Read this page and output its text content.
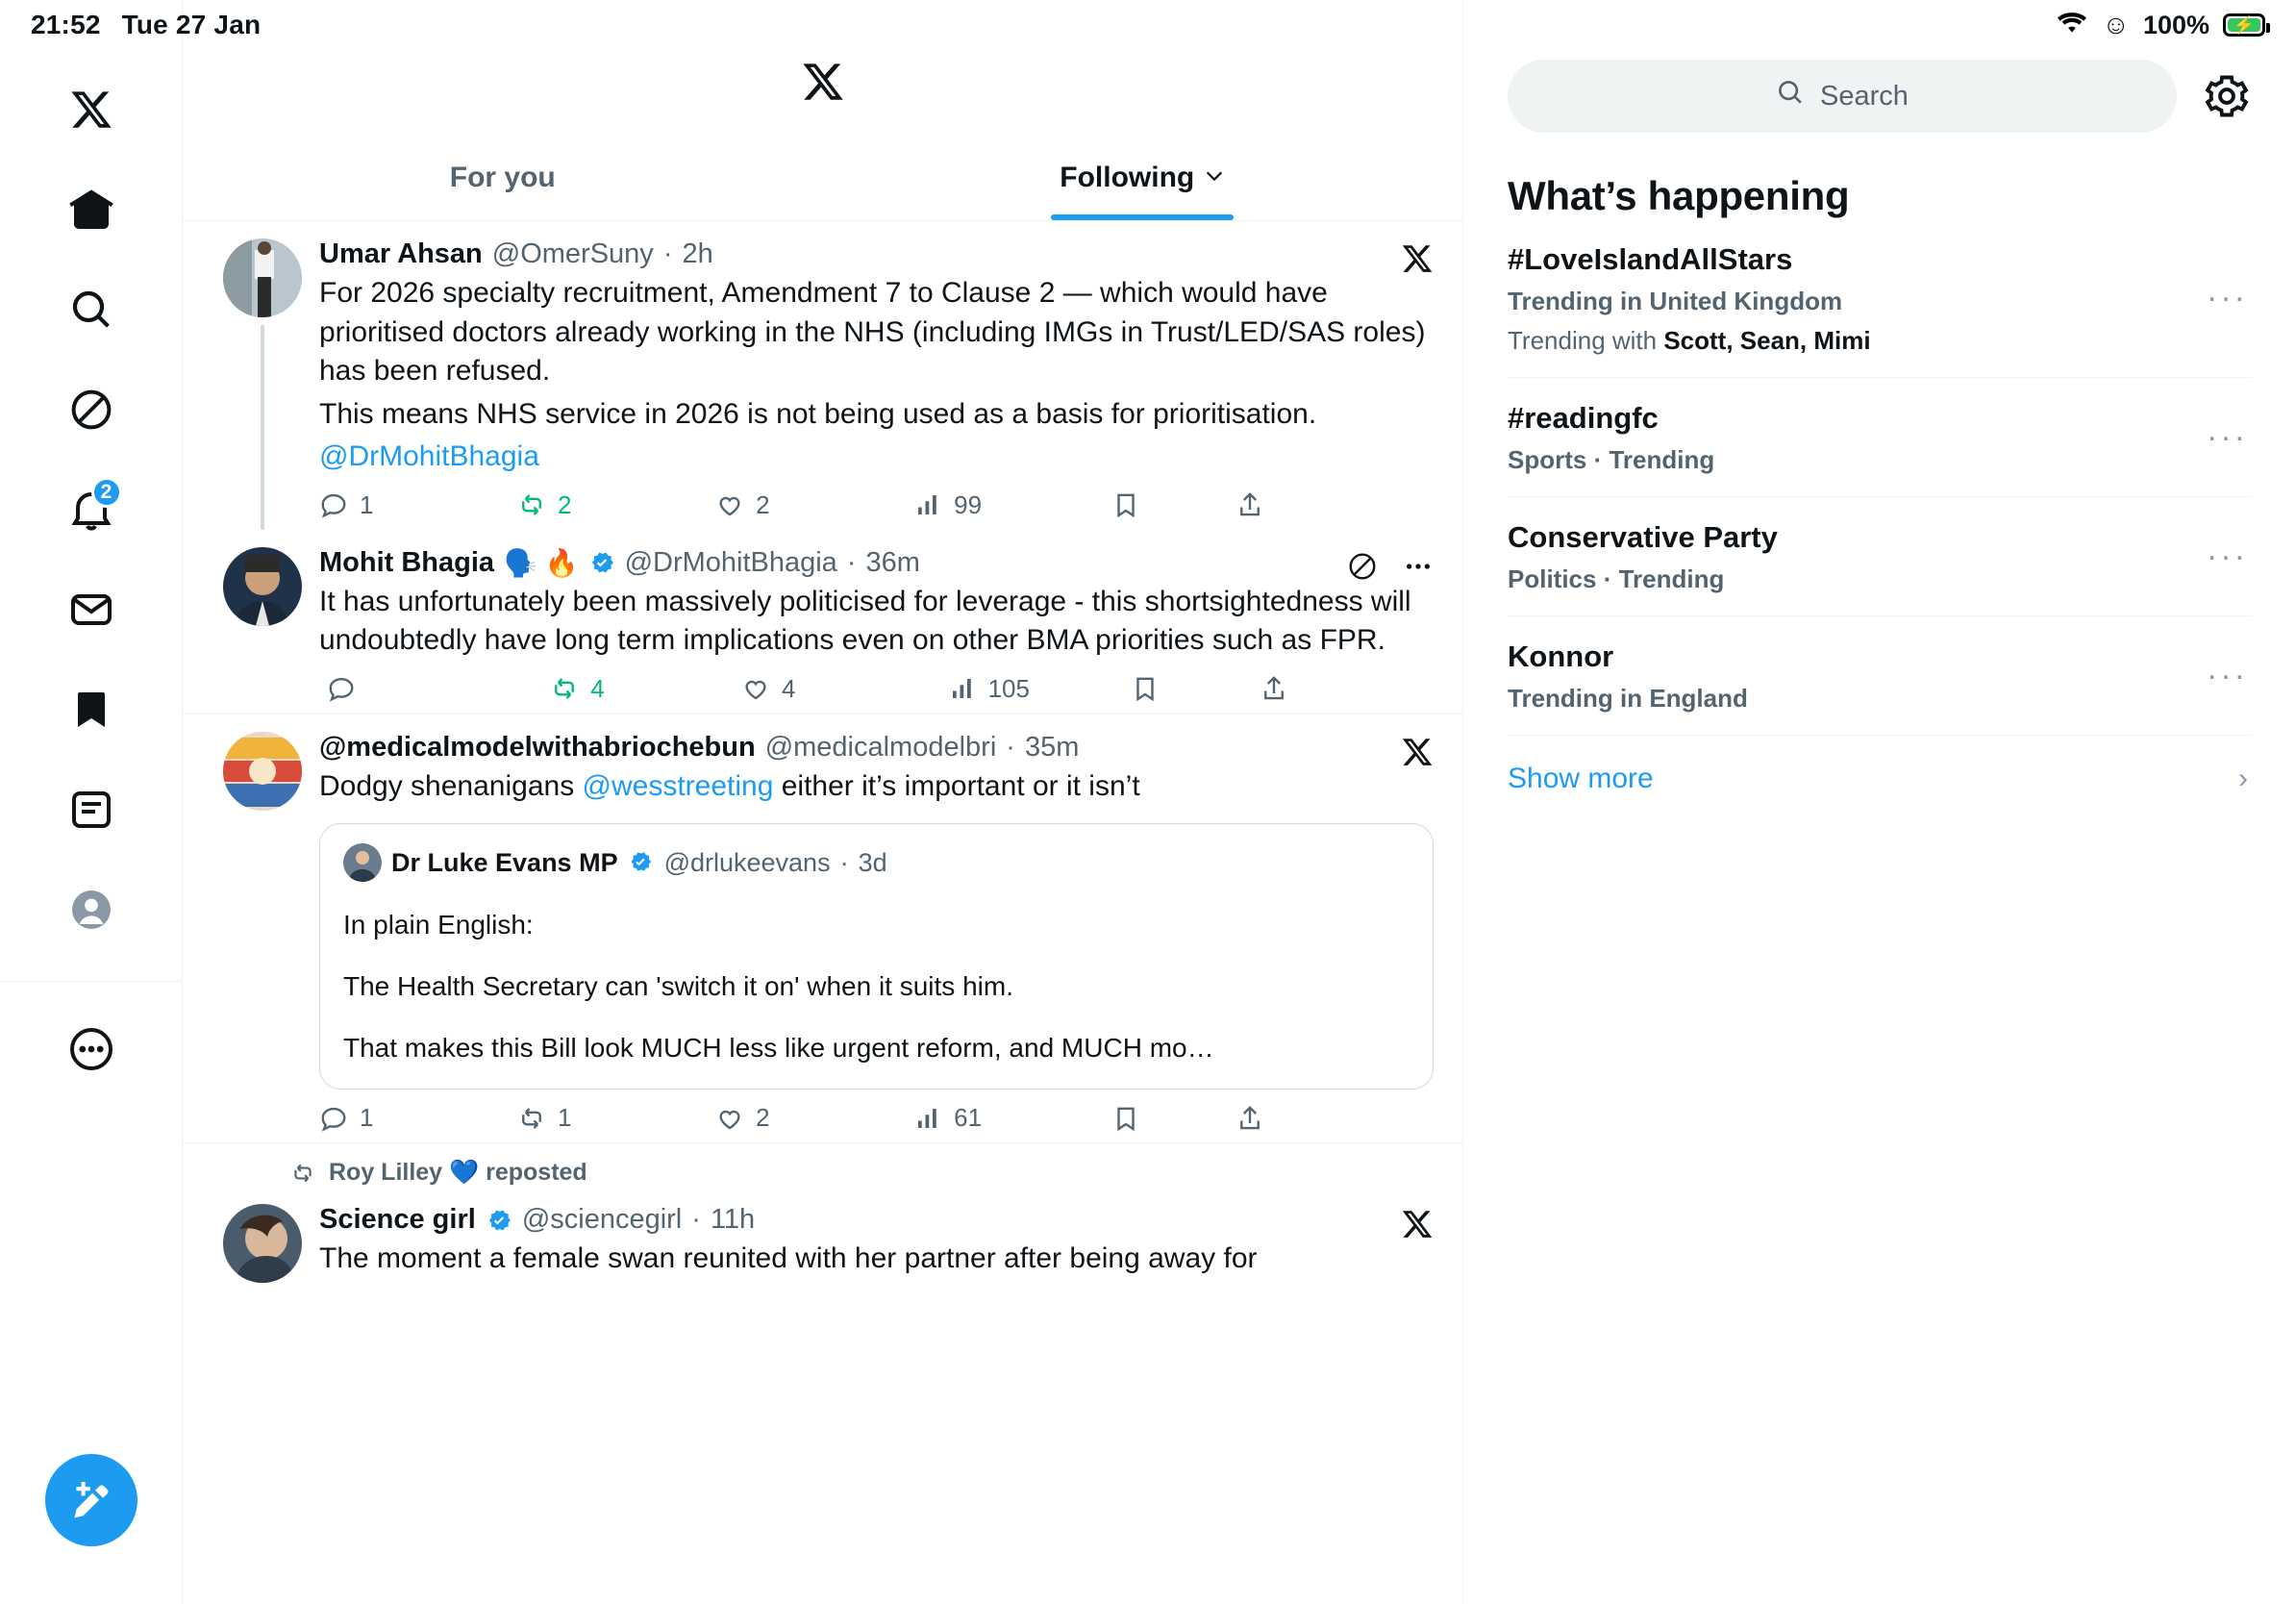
21:52 Tue 27 Jan	☺ 100% ⚡
2
For you	Following
Umar Ahsan @OmerSuny · 2h
For 2026 specialty recruitment, Amendment 7 to Clause 2 — which would have prioritised doctors already working in the NHS (including IMGs in Trust/LED/SAS roles) has been refused.
This means NHS service in 2026 is not being used as a basis for prioritisation.
@DrMohitBhagia
1	2	2	99
Mohit Bhagia 🗣️ 🔥 @DrMohitBhagia · 36m
It has unfortunately been massively politicised for leverage - this shortsightedness will undoubtedly have long term implications even on other BMA priorities such as FPR.
4	4	105
@medicalmodelwithabriochebun @medicalmodelbri · 35m
Dodgy shenanigans @wesstreeting either it’s important or it isn’t
Dr Luke Evans MP @drlukeevans · 3d
In plain English:
The Health Secretary can 'switch it on' when it suits him.
That makes this Bill look MUCH less like urgent reform, and MUCH mo…
1	1	2	61
Roy Lilley 💙 reposted
Science girl @sciencegirl · 11h
The moment a female swan reunited with her partner after being away for
Search
What’s happening
#LoveIslandAllStars
Trending in United Kingdom
Trending with Scott, Sean, Mimi
···
#readingfc
Sports · Trending
···
Conservative Party
Politics · Trending
···
Konnor
Trending in England
···
Show more	›
